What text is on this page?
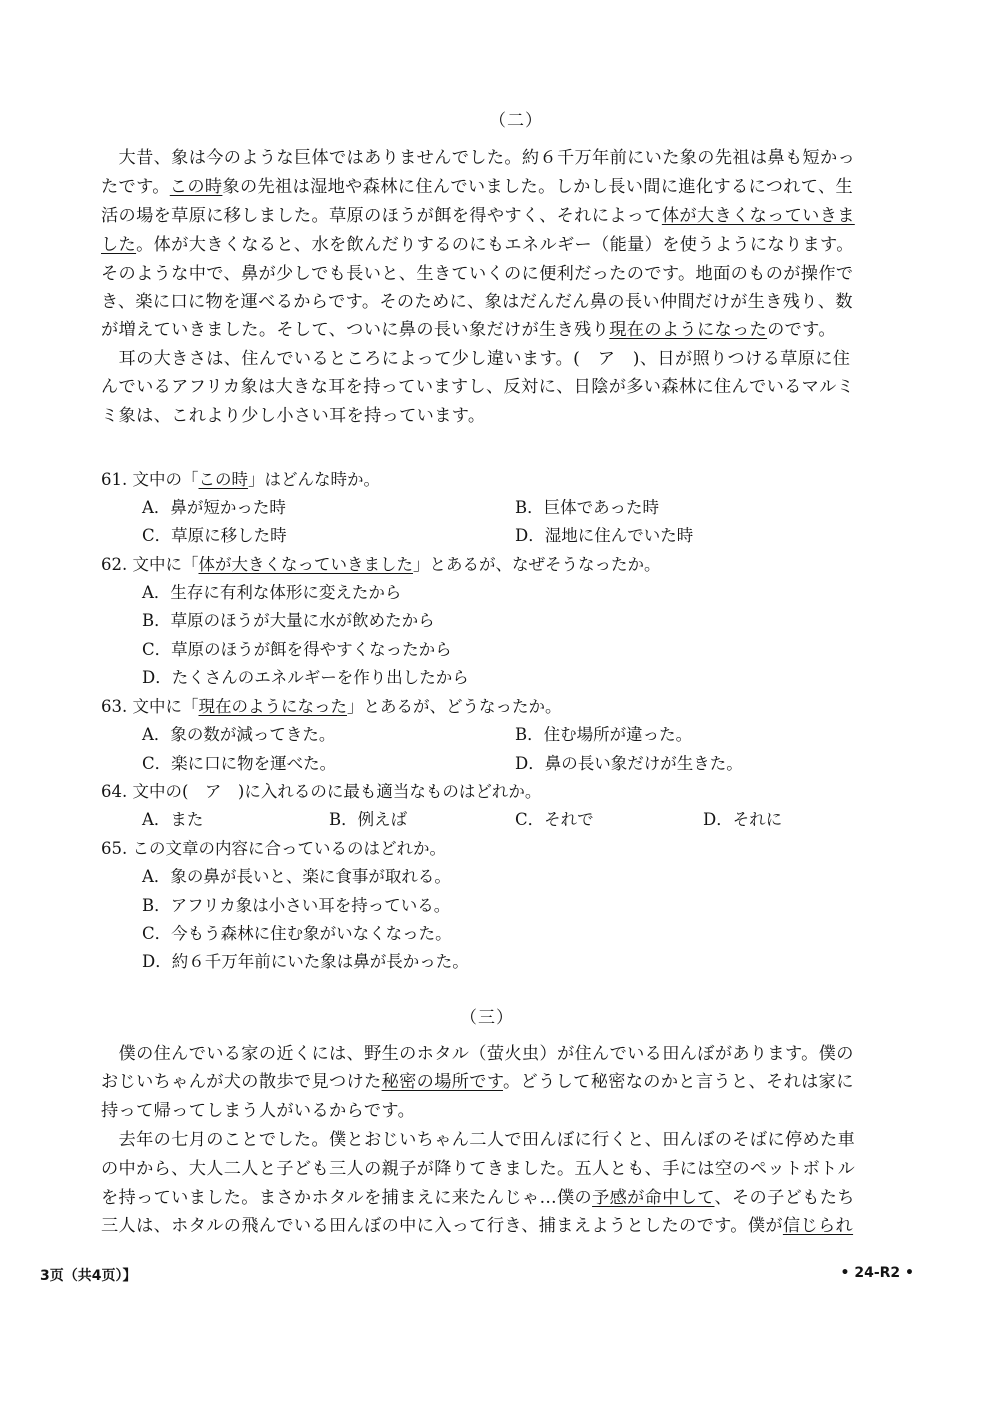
（二）
　大昔、象は今のような巨体ではありませんでした。約６千万年前にいた象の先祖は鼻も短かっ
たです。この時象の先祖は湿地や森林に住んでいました。しかし長い間に進化するにつれて、生
活の場を草原に移しました。草原のほうが餌を得やすく、それによって体が大きくなっていきま
した。体が大きくなると、水を飲んだりするのにもエネルギー（能量）を使うようになります。
そのような中で、鼻が少しでも長いと、生きていくのに便利だったのです。地面のものが操作で
き、楽に口に物を運べるからです。そのために、象はだんだん鼻の長い仲間だけが生き残り、数
が増えていきました。そして、ついに鼻の長い象だけが生き残り現在のようになったのです。
　耳の大きさは、住んでいるところによって少し違います。(　ア　)、日が照りつける草原に住
んでいるアフリカ象は大きな耳を持っていますし、反対に、日陰が多い森林に住んでいるマルミ
ミ象は、これより少し小さい耳を持っています。
61. 文中の「この時」はどんな時か。
A．鼻が短かった時	B．巨体であった時
C．草原に移した時	D．湿地に住んでいた時
62. 文中に「体が大きくなっていきました」とあるが、なぜそうなったか。
A．生存に有利な体形に変えたから
B．草原のほうが大量に水が飲めたから
C．草原のほうが餌を得やすくなったから
D．たくさんのエネルギーを作り出したから
63. 文中に「現在のようになった」とあるが、どうなったか。
A．象の数が減ってきた。	B．住む場所が違った。
C．楽に口に物を運べた。	D．鼻の長い象だけが生きた。
64. 文中の(　ア　)に入れるのに最も適当なものはどれか。
A．また	B．例えば	C．それで	D．それに
65. この文章の内容に合っているのはどれか。
A．象の鼻が長いと、楽に食事が取れる。
B．アフリカ象は小さい耳を持っている。
C．今もう森林に住む象がいなくなった。
D．約６千万年前にいた象は鼻が長かった。
（三）
　僕の住んでいる家の近くには、野生のホタル（萤火虫）が住んでいる田んぼがあります。僕の
おじいちゃんが犬の散歩で見つけた秘密の場所です。どうして秘密なのかと言うと、それは家に
持って帰ってしまう人がいるからです。
　去年の七月のことでした。僕とおじいちゃん二人で田んぼに行くと、田んぼのそばに停めた車
の中から、大人二人と子ども三人の親子が降りてきました。五人とも、手には空のペットボトル
を持っていました。まさかホタルを捕まえに来たんじゃ…僕の予感が命中して、その子どもたち
三人は、ホタルの飛んでいる田んぼの中に入って行き、捕まえようとしたのです。僕が信じられ
3页（共4页）】	• 24-R2 •
